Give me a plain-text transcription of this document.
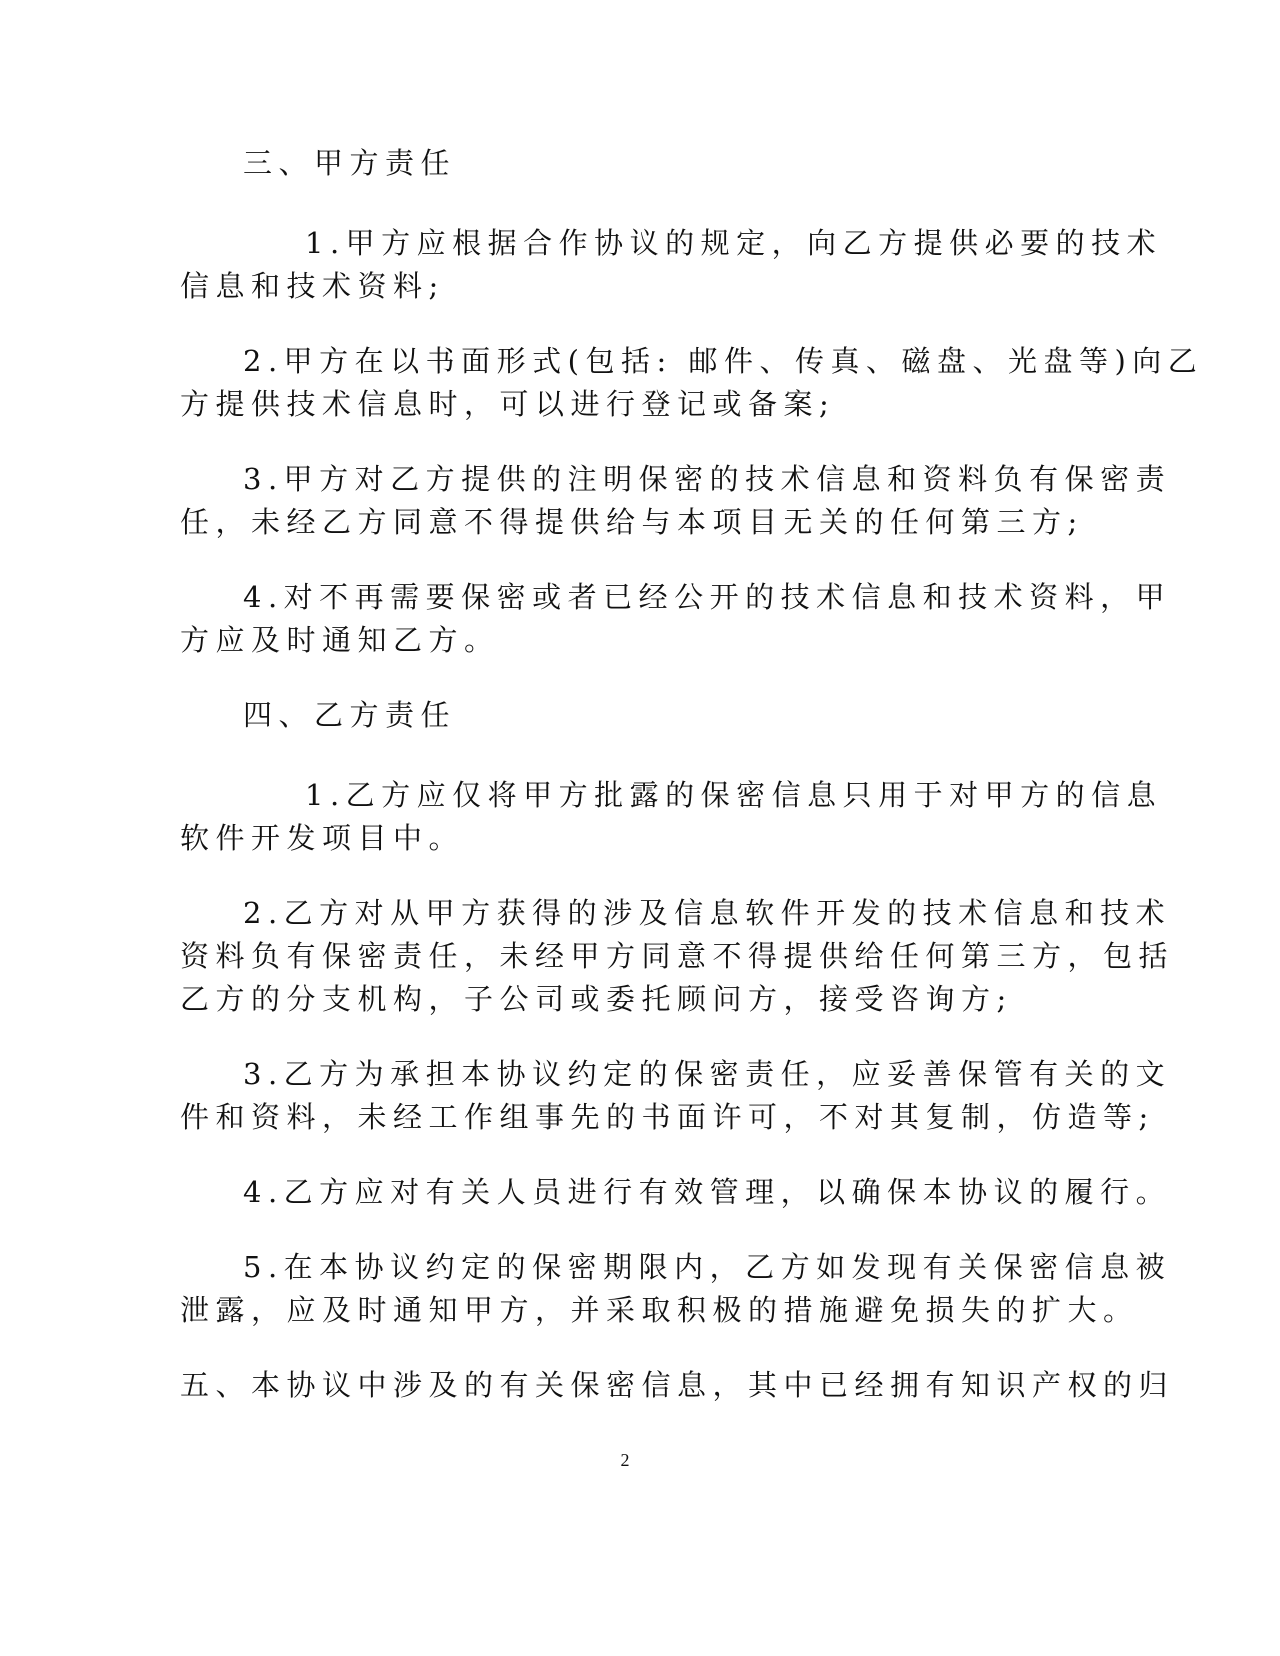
三、甲方责任
1.甲方应根据合作协议的规定，向乙方提供必要的技术
信息和技术资料;
2.甲方在以书面形式(包括: 邮件、传真、磁盘、光盘等)向乙
方提供技术信息时，可以进行登记或备案;
3.甲方对乙方提供的注明保密的技术信息和资料负有保密责
任，未经乙方同意不得提供给与本项目无关的任何第三方;
4.对不再需要保密或者已经公开的技术信息和技术资料，甲
方应及时通知乙方。
四、乙方责任
1.乙方应仅将甲方批露的保密信息只用于对甲方的信息
软件开发项目中。
2.乙方对从甲方获得的涉及信息软件开发的技术信息和技术
资料负有保密责任，未经甲方同意不得提供给任何第三方，包括
乙方的分支机构，子公司或委托顾问方，接受咨询方;
3.乙方为承担本协议约定的保密责任，应妥善保管有关的文
件和资料，未经工作组事先的书面许可，不对其复制，仿造等;
4.乙方应对有关人员进行有效管理，以确保本协议的履行。
5.在本协议约定的保密期限内，乙方如发现有关保密信息被
泄露，应及时通知甲方，并采取积极的措施避免损失的扩大。
五、本协议中涉及的有关保密信息，其中已经拥有知识产权的归
2
